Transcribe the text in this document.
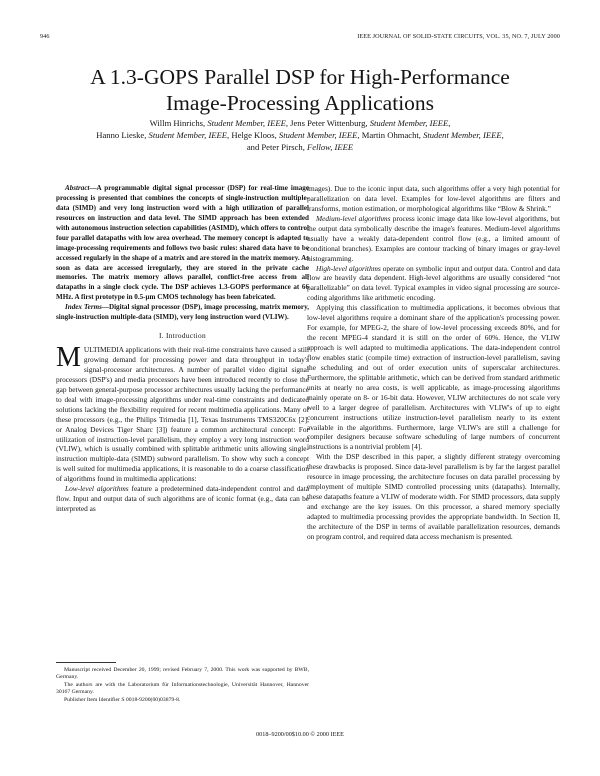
946	IEEE JOURNAL OF SOLID-STATE CIRCUITS, VOL. 35, NO. 7, JULY 2000
A 1.3-GOPS Parallel DSP for High-Performance
Image-Processing Applications
Willm Hinrichs, Student Member, IEEE, Jens Peter Wittenburg, Student Member, IEEE,
Hanno Lieske, Student Member, IEEE, Helge Kloos, Student Member, IEEE, Martin Ohmacht, Student Member, IEEE,
and Peter Pirsch, Fellow, IEEE

Abstract—A programmable digital signal processor (DSP) for real-time image processing is presented that combines the concepts of single-instruction multiple-data (SIMD) and very long instruction word with a high utilization of parallel resources on instruction and data level. The SIMD approach has been extended with autonomous instruction selection capabilities (ASIMD), which offers to control four parallel datapaths with low area overhead. The memory concept is adapted to image-processing requirements and follows two basic rules: shared data have to be accessed regularly in the shape of a matrix and are stored in the matrix memory. As soon as data are accessed irregularly, they are stored in the private cache memories. The matrix memory allows parallel, conflict-free access from all datapaths in a single clock cycle. The DSP achieves 1.3-GOPS performance at 66 MHz. A first prototype in 0.5-μm CMOS technology has been fabricated.

Index Terms—Digital signal processor (DSP), image processing, matrix memory, single-instruction multiple-data (SIMD), very long instruction word (VLIW).

I. Introduction

MULTIMEDIA applications with their real-time constraints have caused a still growing demand for processing power and data throughput in today's signal-processor architectures. A number of parallel video digital signal processors (DSP's) and media processors have been introduced recently to close the gap between general-purpose processor architectures usually lacking the performance to deal with image-processing algorithms under real-time constraints and dedicated solutions lacking the flexibility required for recent multimedia applications. Many of these processors (e.g., the Philips Trimedia [1], Texas Instruments TMS320C6x [2], or Analog Devices Tiger Sharc [3]) feature a common architectural concept: For utilization of instruction-level parallelism, they employ a very long instruction word (VLIW), which is usually combined with splittable arithmetic units allowing single-instruction multiple-data (SIMD) subword parallelism. To show why such a concept is well suited for multimedia applications, it is reasonable to do a coarse classification of algorithms found in multimedia applications:

Low-level algorithms feature a predetermined data-independent control and data flow. Input and output data of such algorithms are of iconic format (e.g., data can be interpreted as

images). Due to the iconic input data, such algorithms offer a very high potential for parallelization on data level. Examples for low-level algorithms are filters and transforms, motion estimation, or morphological algorithms like “Blow & Shrink.”

Medium-level algorithms process iconic image data like low-level algorithms, but the output data symbolically describe the image's features. Medium-level algorithms usually have a weakly data-dependent control flow (e.g., a limited amount of conditional branches). Examples are contour tracking of binary images or gray-level histogramming.

High-level algorithms operate on symbolic input and output data. Control and data flow are heavily data dependent. High-level algorithms are usually considered “not parallelizable” on data level. Typical examples in video signal processing are source-coding algorithms like arithmetic encoding.

Applying this classification to multimedia applications, it becomes obvious that low-level algorithms require a dominant share of the application's processing power. For example, for MPEG-2, the share of low-level processing exceeds 80%, and for the recent MPEG-4 standard it is still on the order of 60%. Hence, the VLIW approach is well adapted to multimedia applications. The data-independent control flow enables static (compile time) extraction of instruction-level parallelism, saving the scheduling and out of order execution units of superscalar architectures. Furthermore, the splittable arithmetic, which can be derived from standard arithmetic units at nearly no area costs, is well applicable, as image-processing algorithms mainly operate on 8- or 16-bit data. However, VLIW architectures do not scale very well to a larger degree of parallelism. Architectures with VLIW's of up to eight concurrent instructions utilize instruction-level parallelism nearly to its extent available in the algorithms. Furthermore, large VLIW's are still a challenge for compiler designers because software scheduling of large numbers of concurrent instructions is a nontrivial problem [4].

With the DSP described in this paper, a slightly different strategy overcoming these drawbacks is proposed. Since data-level parallelism is by far the largest parallel resource in image processing, the architecture focuses on data parallel processing by employment of multiple SIMD controlled processing units (datapaths). Internally, these datapaths feature a VLIW of moderate width. For SIMD processors, data supply and exchange are the key issues. On this processor, a shared memory specially adapted to multimedia processing provides the appropriate bandwidth. In Section II, the architecture of the DSP in terms of available parallelization resources, demands on program control, and required data access mechanism is presented.

Manuscript received December 20, 1999; revised February 7, 2000. This work was supported by BWB, Germany.

The authors are with the Laboratorium für Informationstechnologie, Universität Hannover, Hannover 30167 Germany.

Publisher Item Identifier S 0018-9200(00)03879-8.

0018–9200/00$10.00 © 2000 IEEE
